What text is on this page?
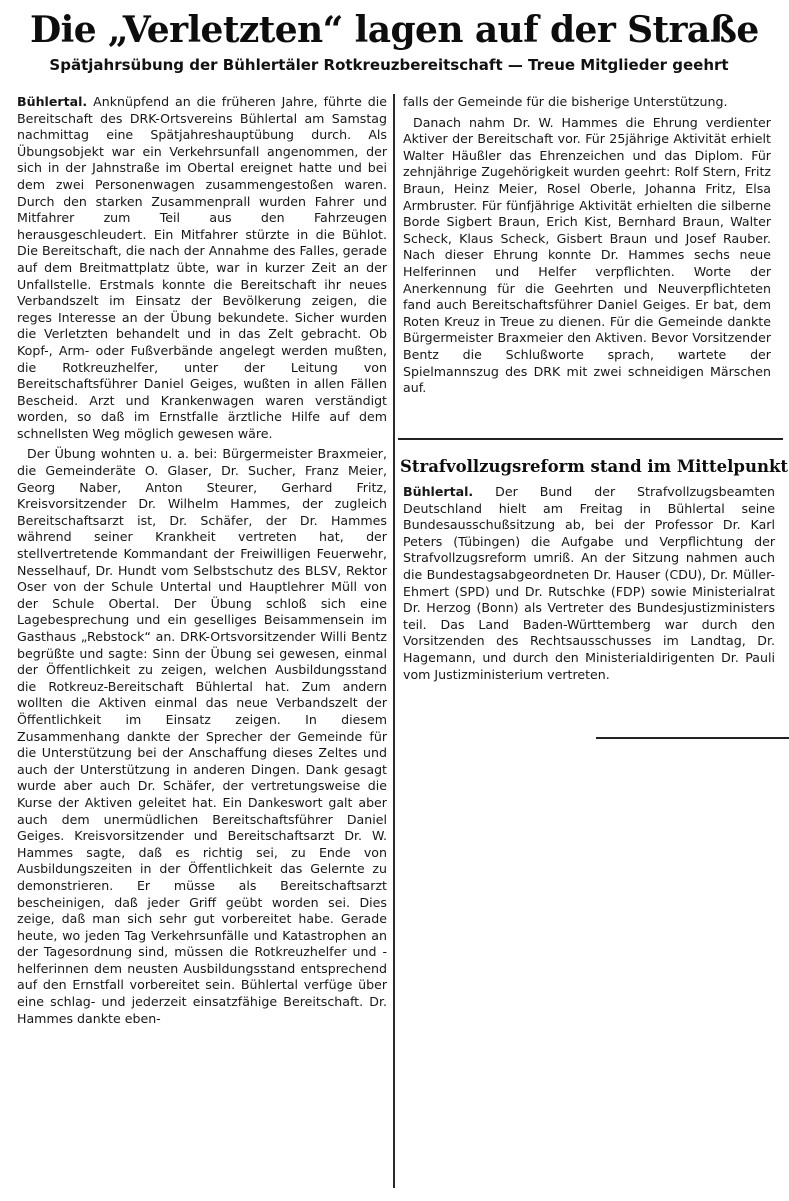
Die „Verletzten“ lagen auf der Straße
Spätjahrsübung der Bühlertäler Rotkreuzbereitschaft — Treue Mitglieder geehrt

Bühlertal. Anknüpfend an die früheren Jahre, führte die Bereitschaft des DRK-Ortsvereins Bühlertal am Samstag nachmittag eine Spätjahreshauptübung durch. Als Übungsobjekt war ein Verkehrsunfall angenommen, der sich in der Jahnstraße im Obertal ereignet hatte und bei dem zwei Personenwagen zusammengestoßen waren. Durch den starken Zusammenprall wurden Fahrer und Mitfahrer zum Teil aus den Fahrzeugen herausgeschleudert. Ein Mitfahrer stürzte in die Bühlot. Die Bereitschaft, die nach der Annahme des Falles, gerade auf dem Breitmattplatz übte, war in kurzer Zeit an der Unfallstelle. Erstmals konnte die Bereitschaft ihr neues Verbandszelt im Einsatz der Bevölkerung zeigen, die reges Interesse an der Übung bekundete. Sicher wurden die Verletzten behandelt und in das Zelt gebracht. Ob Kopf-, Arm- oder Fußverbände angelegt werden mußten, die Rotkreuzhelfer, unter der Leitung von Bereitschaftsführer Daniel Geiges, wußten in allen Fällen Bescheid. Arzt und Krankenwagen waren verständigt worden, so daß im Ernstfalle ärztliche Hilfe auf dem schnellsten Weg möglich gewesen wäre.

Der Übung wohnten u. a. bei: Bürgermeister Braxmeier, die Gemeinderäte O. Glaser, Dr. Sucher, Franz Meier, Georg Naber, Anton Steurer, Gerhard Fritz, Kreisvorsitzender Dr. Wilhelm Hammes, der zugleich Bereitschaftsarzt ist, Dr. Schäfer, der Dr. Hammes während seiner Krankheit vertreten hat, der stellvertretende Kommandant der Freiwilligen Feuerwehr, Nesselhauf, Dr. Hundt vom Selbstschutz des BLSV, Rektor Oser von der Schule Untertal und Hauptlehrer Müll von der Schule Obertal. Der Übung schloß sich eine Lagebesprechung und ein geselliges Beisammensein im Gasthaus „Rebstock“ an. DRK-Ortsvorsitzender Willi Bentz begrüßte und sagte: Sinn der Übung sei gewesen, einmal der Öffentlichkeit zu zeigen, welchen Ausbildungsstand die Rotkreuz-Bereitschaft Bühlertal hat. Zum andern wollten die Aktiven einmal das neue Verbandszelt der Öffentlichkeit im Einsatz zeigen. In diesem Zusammenhang dankte der Sprecher der Gemeinde für die Unterstützung bei der Anschaffung dieses Zeltes und auch der Unterstützung in anderen Dingen. Dank gesagt wurde aber auch Dr. Schäfer, der vertretungsweise die Kurse der Aktiven geleitet hat. Ein Dankeswort galt aber auch dem unermüdlichen Bereitschaftsführer Daniel Geiges. Kreisvorsitzender und Bereitschaftsarzt Dr. W. Hammes sagte, daß es richtig sei, zu Ende von Ausbildungszeiten in der Öffentlichkeit das Gelernte zu demonstrieren. Er müsse als Bereitschaftsarzt bescheinigen, daß jeder Griff geübt worden sei. Dies zeige, daß man sich sehr gut vorbereitet habe. Gerade heute, wo jeden Tag Verkehrsunfälle und Katastrophen an der Tagesordnung sind, müssen die Rotkreuzhelfer und -helferinnen dem neusten Ausbildungsstand entsprechend auf den Ernstfall vorbereitet sein. Bühlertal verfüge über eine schlag- und jederzeit einsatzfähige Bereitschaft. Dr. Hammes dankte eben-

falls der Gemeinde für die bisherige Unterstützung.

Danach nahm Dr. W. Hammes die Ehrung verdienter Aktiver der Bereitschaft vor. Für 25jährige Aktivität erhielt Walter Häußler das Ehrenzeichen und das Diplom. Für zehnjährige Zugehörigkeit wurden geehrt: Rolf Stern, Fritz Braun, Heinz Meier, Rosel Oberle, Johanna Fritz, Elsa Armbruster. Für fünfjährige Aktivität erhielten die silberne Borde Sigbert Braun, Erich Kist, Bernhard Braun, Walter Scheck, Klaus Scheck, Gisbert Braun und Josef Rauber. Nach dieser Ehrung konnte Dr. Hammes sechs neue Helferinnen und Helfer verpflichten. Worte der Anerkennung für die Geehrten und Neuverpflichteten fand auch Bereitschaftsführer Daniel Geiges. Er bat, dem Roten Kreuz in Treue zu dienen. Für die Gemeinde dankte Bürgermeister Braxmeier den Aktiven. Bevor Vorsitzender Bentz die Schlußworte sprach, wartete der Spielmannszug des DRK mit zwei schneidigen Märschen auf.

Strafvollzugsreform stand im Mittelpunkt

Bühlertal. Der Bund der Strafvollzugsbeamten Deutschland hielt am Freitag in Bühlertal seine Bundesausschußsitzung ab, bei der Professor Dr. Karl Peters (Tübingen) die Aufgabe und Verpflichtung der Strafvollzugsreform umriß. An der Sitzung nahmen auch die Bundestagsabgeordneten Dr. Hauser (CDU), Dr. Müller-Ehmert (SPD) und Dr. Rutschke (FDP) sowie Ministerialrat Dr. Herzog (Bonn) als Vertreter des Bundesjustizministers teil. Das Land Baden-Württemberg war durch den Vorsitzenden des Rechtsausschusses im Landtag, Dr. Hagemann, und durch den Ministerialdirigenten Dr. Pauli vom Justizministerium vertreten.
